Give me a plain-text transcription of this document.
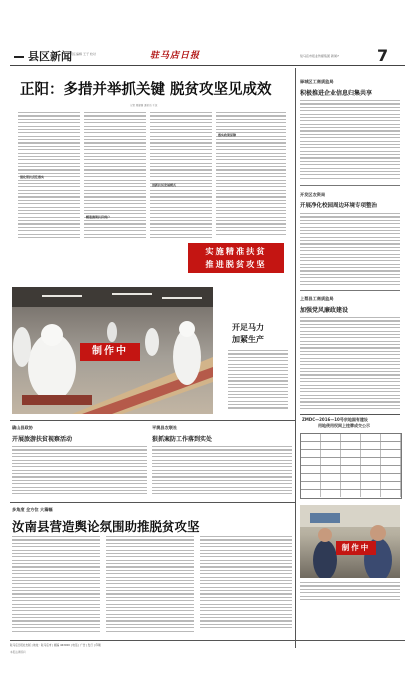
县区新闻
责任编辑 王子 校对	驻马店日报	驻马店市报业传媒集团 新闻7 7
正阳：多措并举抓关键 脱贫攻坚见成效
记者 周建国 通讯员 王波
强化帮扶责任落实
精准施策扶持到户
创新扶贫发展模式
落实政策保障
实施精准扶贫
推进脱贫攻坚
制作中
开足马力
加紧生产
驿城区工商质监局
积极推进企业信息归集共享
开发区农资局
开展净化校园周边环境专项整治
上蔡县工商质监局
加强党风廉政建设
ZMDC—2016—10号宗地国有建设
用地使用权网上挂牌成交公示
制作中
确山县政协
开展旅游扶贫视察活动
平舆县农联社
狠抓案防工作落到实处
多角度 全方位 大篇幅
汝南县营造舆论氛围助推脱贫攻坚
驻马店日报社出版 | 地址：驻马店市 | 邮编 463000 | 电话 | 广告 | 发行 | 印刷
本报法律顾问
